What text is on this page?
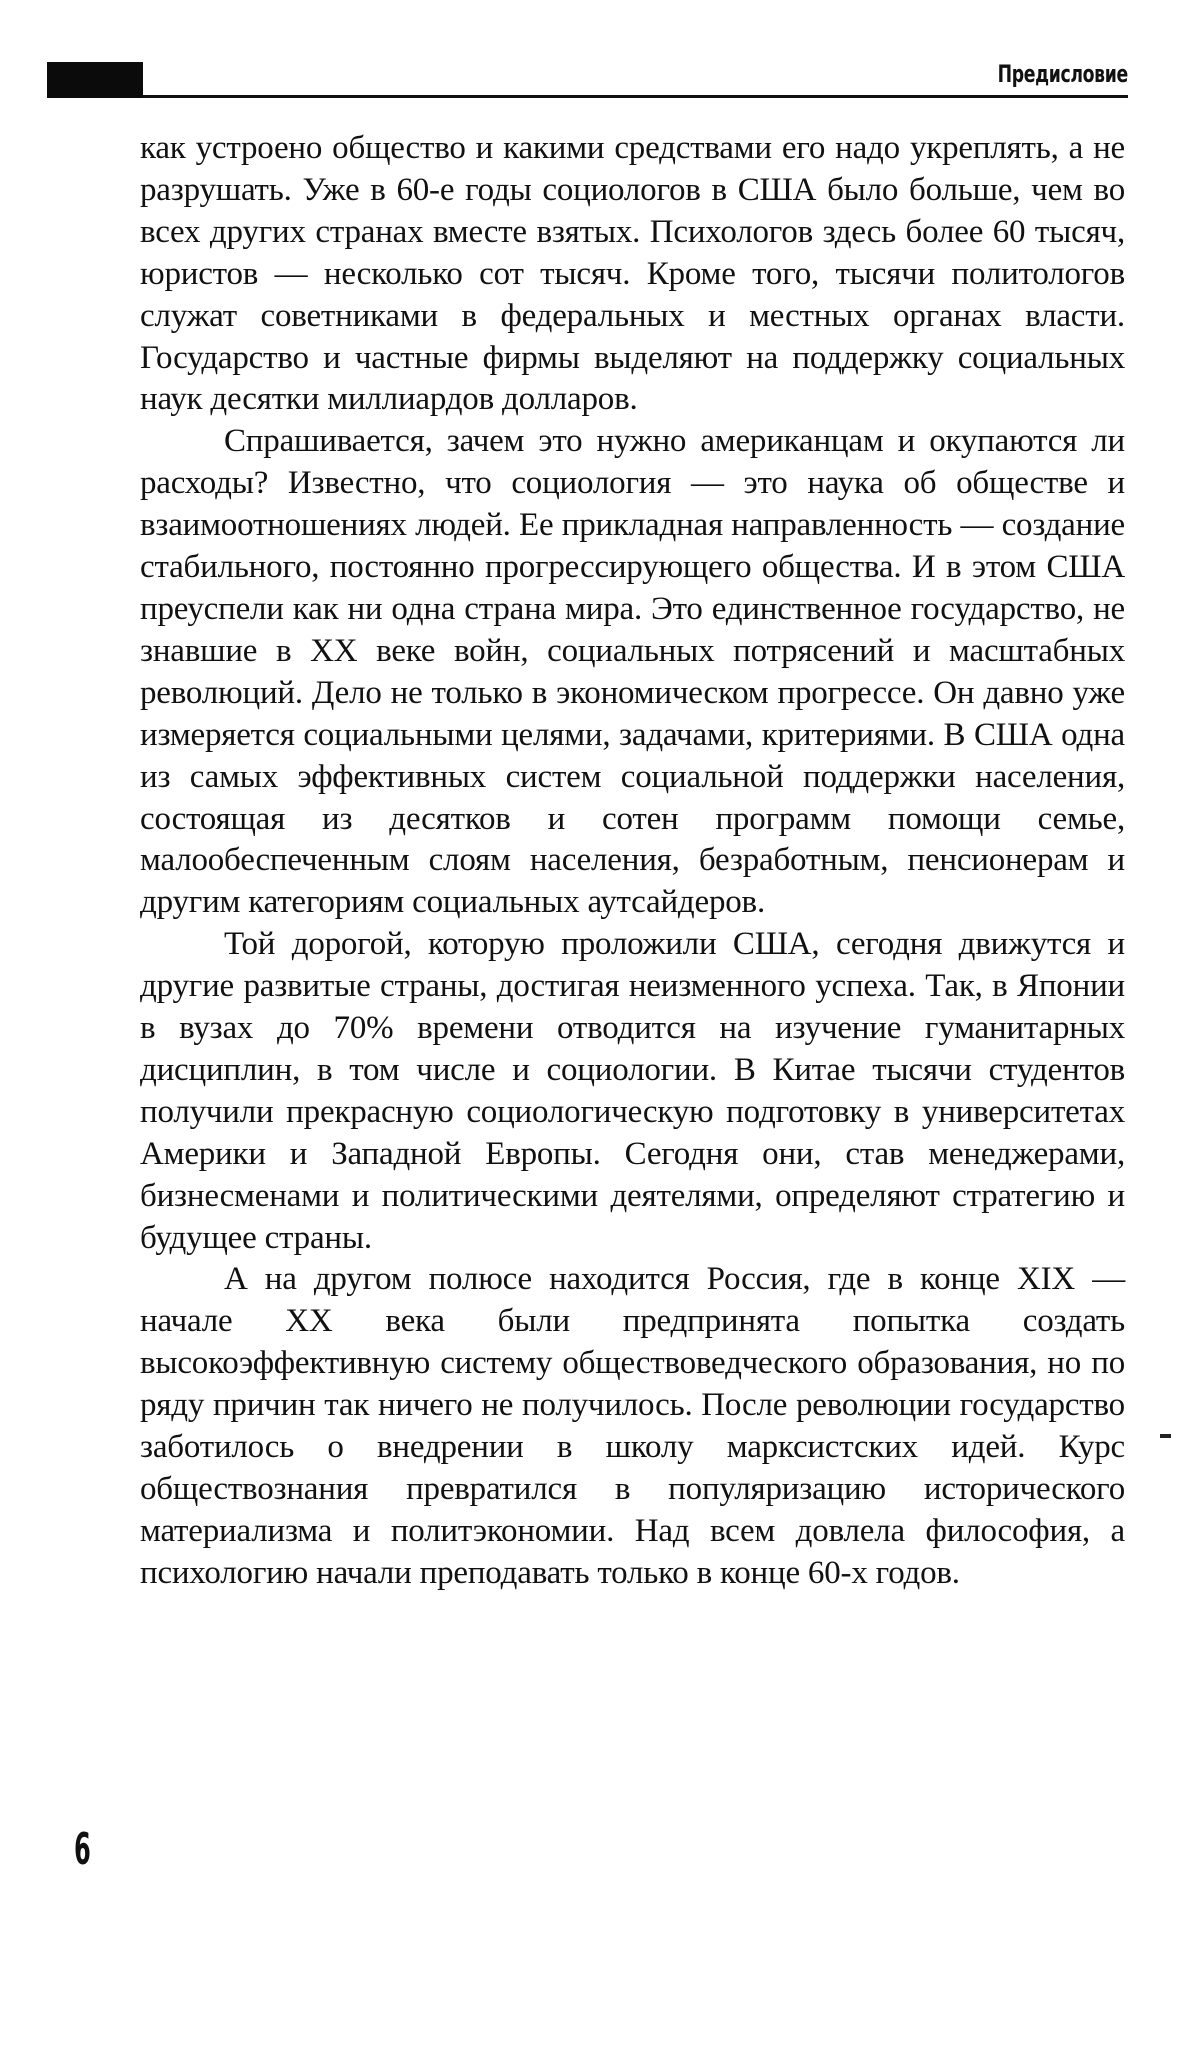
Предисловие

как устроено общество и какими средствами его надо укреплять, а не разрушать. Уже в 60-е годы социологов в США было больше, чем во всех других странах вместе взятых. Психологов здесь более 60 тысяч, юристов — несколько сот тысяч. Кроме того, тысячи политологов служат советниками в федеральных и местных органах власти. Государство и частные фирмы выделяют на поддержку социальных наук десятки миллиардов долларов.

Спрашивается, зачем это нужно американцам и окупаются ли расходы? Известно, что социология — это наука об обществе и взаимоотношениях людей. Ее прикладная направленность — создание стабильного, постоянно прогрессирующего общества. И в этом США преуспели как ни одна страна мира. Это единственное государство, не знавшие в XX веке войн, социальных потрясений и масштабных революций. Дело не только в экономическом прогрессе. Он давно уже измеряется социальными целями, задачами, критериями. В США одна из самых эффективных систем социальной поддержки населения, состоящая из десятков и сотен программ помощи семье, малообеспеченным слоям населения, безработным, пенсионерам и другим категориям социальных аутсайдеров.

Той дорогой, которую проложили США, сегодня движутся и другие развитые страны, достигая неизменного успеха. Так, в Японии в вузах до 70% времени отводится на изучение гуманитарных дисциплин, в том числе и социологии. В Китае тысячи студентов получили прекрасную социологическую подготовку в университетах Америки и Западной Европы. Сегодня они, став менеджерами, бизнесменами и политическими деятелями, определяют стратегию и будущее страны.

А на другом полюсе находится Россия, где в конце XIX — начале XX века были предпринята попытка создать высокоэффективную систему обществоведческого образования, но по ряду причин так ничего не получилось. После революции государство заботилось о внедрении в школу марксистских идей. Курс обществознания превратился в популяризацию исторического материализма и политэкономии. Над всем довлела философия, а психологию начали преподавать только в конце 60-х годов.

6
